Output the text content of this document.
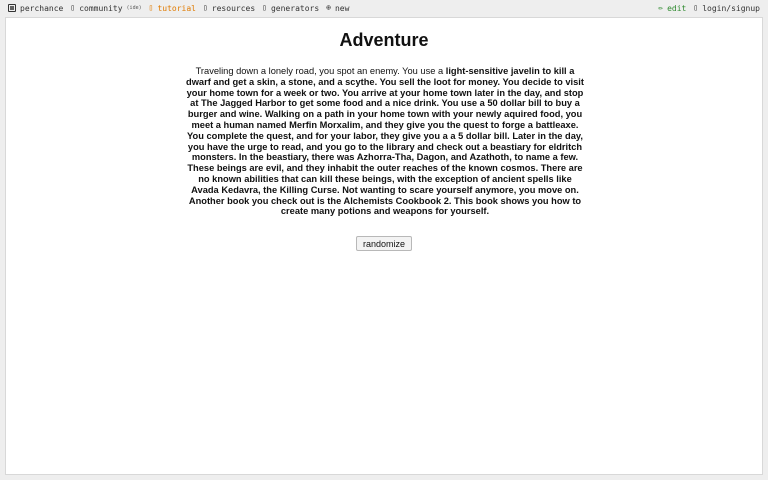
perchance ▯ community (ide) ▯ tutorial ▯ resources ▯ generators ⊕ new	✏ edit ▯ login/signup
Adventure

Traveling down a lonely road, you spot an enemy. You use a light-sensitive javelin to kill a dwarf and get a skin, a stone, and a scythe. You sell the loot for money. You decide to visit your home town for a week or two. You arrive at your home town later in the day, and stop at The Jagged Harbor to get some food and a nice drink. You use a 50 dollar bill to buy a burger and wine. Walking on a path in your home town with your newly aquired food, you meet a human named Merfin Morxalim, and they give you the quest to forge a battleaxe. You complete the quest, and for your labor, they give you a a 5 dollar bill. Later in the day, you have the urge to read, and you go to the library and check out a beastiary for eldritch monsters. In the beastiary, there was Azhorra-Tha, Dagon, and Azathoth, to name a few. These beings are evil, and they inhabit the outer reaches of the known cosmos. There are no known abilities that can kill these beings, with the exception of ancient spells like Avada Kedavra, the Killing Curse. Not wanting to scare yourself anymore, you move on. Another book you check out is the Alchemists Cookbook 2. This book shows you how to create many potions and weapons for yourself.

randomize
